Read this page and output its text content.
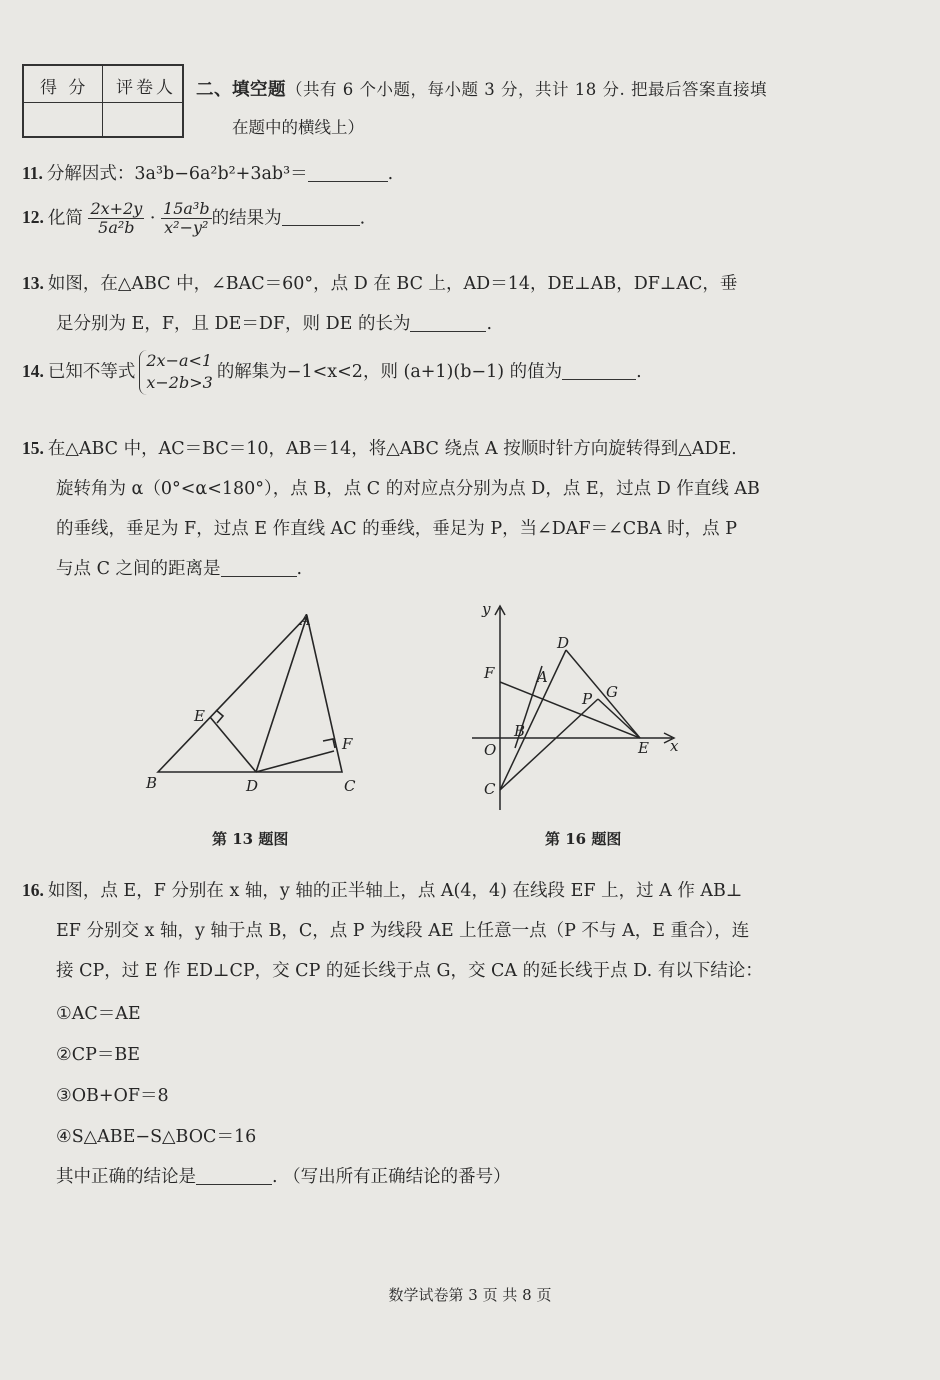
得 分 评卷人 二、填空题（共有 6 个小题，每小题 3 分，共计 18 分. 把最后答案直接填
在题中的横线上）
11. 分解因式：3a³b−6a²b²+3ab³＝	.
12. 化简 $\frac{2x+2y}{\text{5a²b}} \cdot \frac{\text{15a³b}}{\text{x²−y²}}$ 的结果为	.
13. 如图，在△ABC 中，∠BAC＝60°，点 D 在 BC 上，AD＝14，DE⊥AB，DF⊥AC，垂
足分别为 E，F，且 DE＝DF，则 DE 的长为	.
14. 已知不等式
2x−a<1
x−2b>3
的解集为−1<x<2，则 (a+1)(b−1) 的值为	.
15. 在△ABC 中，AC＝BC＝10，AB＝14，将△ABC 绕点 A 按顺时针方向旋转得到△ADE.
旋转角为 α（0°<α<180°），点 B，点 C 的对应点分别为点 D，点 E，过点 D 作直线 AB
的垂线，垂足为 F，过点 E 作直线 AC 的垂线，垂足为 P，当∠DAF＝∠CBA 时，点 P
与点 C 之间的距离是	.
A
B	C
D
E
F
第 13 题图
y
x
O
A
B
C
D
E
F
G
P
第 16 题图
16. 如图，点 E，F 分别在 x 轴，y 轴的正半轴上，点 A(4，4) 在线段 EF 上，过 A 作 AB⊥
EF 分别交 x 轴，y 轴于点 B，C，点 P 为线段 AE 上任意一点（P 不与 A，E 重合），连
接 CP，过 E 作 ED⊥CP，交 CP 的延长线于点 G，交 CA 的延长线于点 D. 有以下结论：
①AC＝AE
②CP＝BE
③OB+OF＝8
④S△ABE−S△BOC＝16
其中正确的结论是	. （写出所有正确结论的番号）
数学试卷第 3 页 共 8 页
